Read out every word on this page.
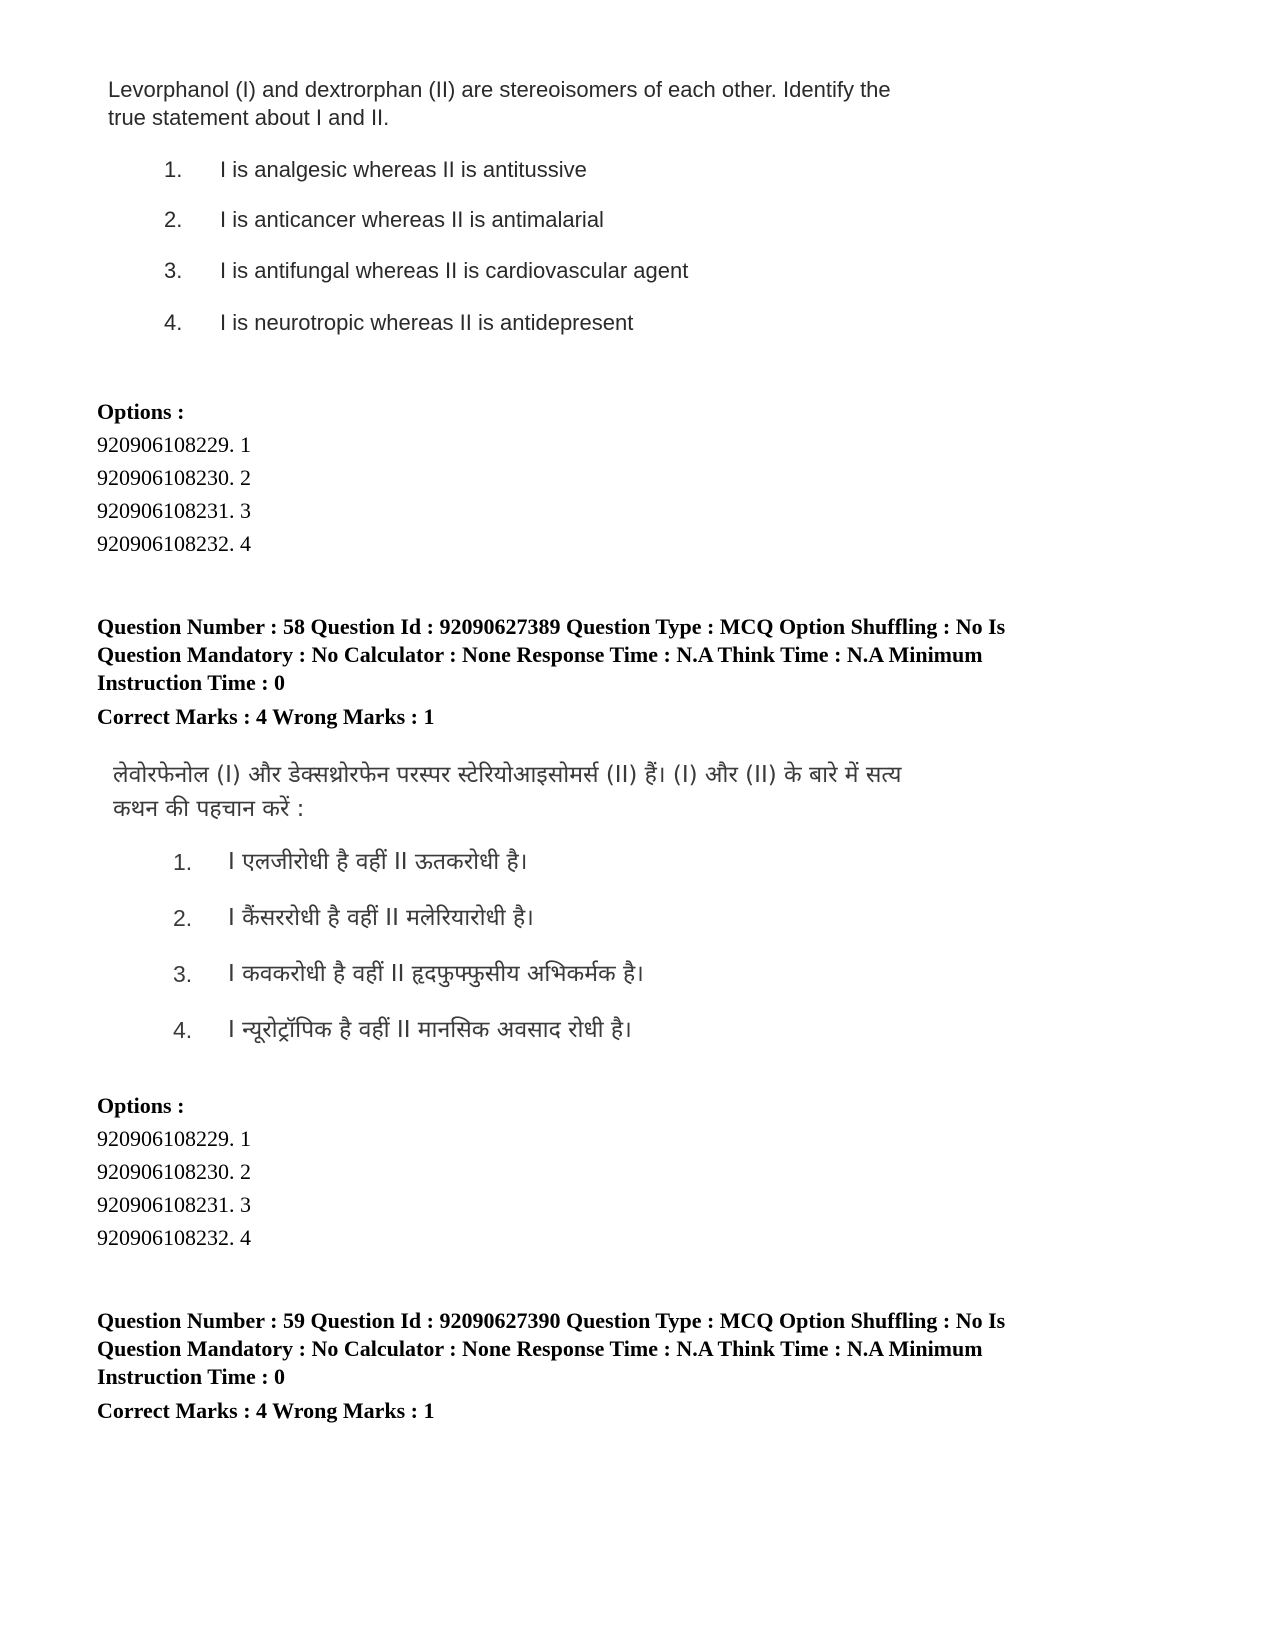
Levorphanol (I) and dextrorphan (II) are stereoisomers of each other. Identify the
true statement about I and II.

1. I is analgesic whereas II is antitussive
2. I is anticancer whereas II is antimalarial
3. I is antifungal whereas II is cardiovascular agent
4. I is neurotropic whereas II is antidepresent
Options :
920906108229. 1
920906108230. 2
920906108231. 3
920906108232. 4
Question Number : 58 Question Id : 92090627389 Question Type : MCQ Option Shuffling : No Is
Question Mandatory : No Calculator : None Response Time : N.A Think Time : N.A Minimum
Instruction Time : 0
Correct Marks : 4 Wrong Marks : 1

लेवोरफेनोल (I) और डेक्सथ्रोरफेन परस्पर स्टेरियोआइसोमर्स (II) हैं। (I) और (II) के बारे में सत्य
कथन की पहचान करें :

1. I एलजीरोधी है वहीं II ऊतकरोधी है।
2. I कैंसररोधी है वहीं II मलेरियारोधी है।
3. I कवकरोधी है वहीं II हृदफुफ्फुसीय अभिकर्मक है।
4. I न्यूरोट्रॉपिक है वहीं II मानसिक अवसाद रोधी है।
Options :
920906108229. 1
920906108230. 2
920906108231. 3
920906108232. 4
Question Number : 59 Question Id : 92090627390 Question Type : MCQ Option Shuffling : No Is
Question Mandatory : No Calculator : None Response Time : N.A Think Time : N.A Minimum
Instruction Time : 0
Correct Marks : 4 Wrong Marks : 1
